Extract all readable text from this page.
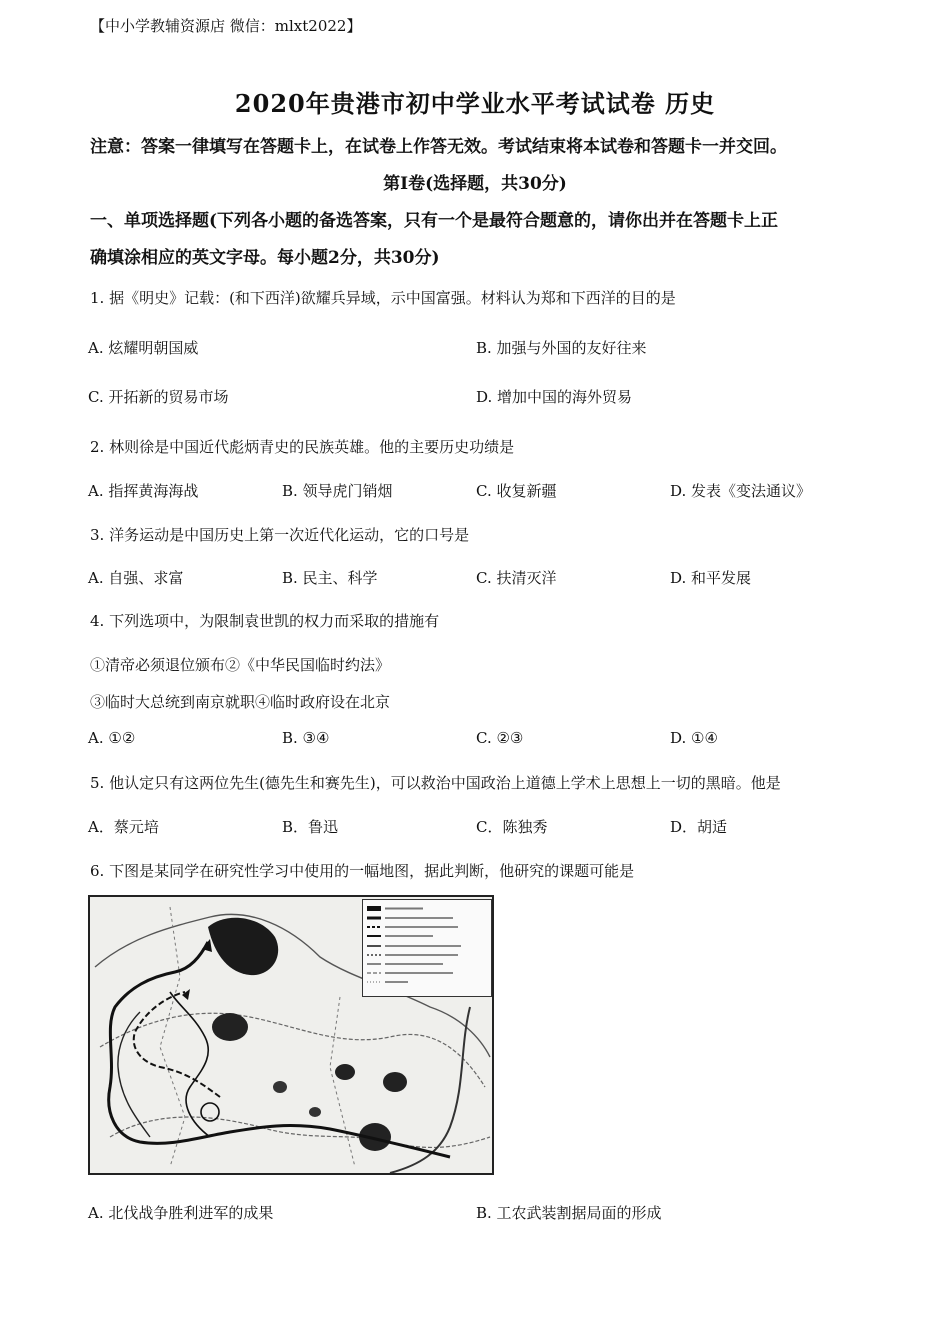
【中小学教辅资源店 微信：mlxt2022】
2020年贵港市初中学业水平考试试卷 历史
注意：答案一律填写在答题卡上，在试卷上作答无效。考试结束将本试卷和答题卡一并交回。
第Ⅰ卷(选择题，共30分)
一、单项选择题(下列各小题的备选答案，只有一个是最符合题意的，请你出并在答题卡上正
确填涂相应的英文字母。每小题2分，共30分)
1. 据《明史》记载：(和下西洋)欲耀兵异域，示中国富强。材料认为郑和下西洋的目的是
A. 炫耀明朝国威	B. 加强与外国的友好往来
C. 开拓新的贸易市场	D. 增加中国的海外贸易
2. 林则徐是中国近代彪炳青史的民族英雄。他的主要历史功绩是
A. 指挥黄海海战	B. 领导虎门销烟	C. 收复新疆	D. 发表《变法通议》
3. 洋务运动是中国历史上第一次近代化运动，它的口号是
A. 自强、求富	B. 民主、科学	C. 扶清灭洋	D. 和平发展
4. 下列选项中，为限制袁世凯的权力而采取的措施有
①清帝必须退位颁布②《中华民国临时约法》
③临时大总统到南京就职④临时政府设在北京
A. ①②	B. ③④	C. ②③	D. ①④
5. 他认定只有这两位先生(德先生和赛先生)，可以救治中国政治上道德上学术上思想上一切的黑暗。他是
A．蔡元培	B．鲁迅	C．陈独秀	D．胡适
6. 下图是某同学在研究性学习中使用的一幅地图，据此判断，他研究的课题可能是
A. 北伐战争胜利进军的成果	B. 工农武装割据局面的形成
